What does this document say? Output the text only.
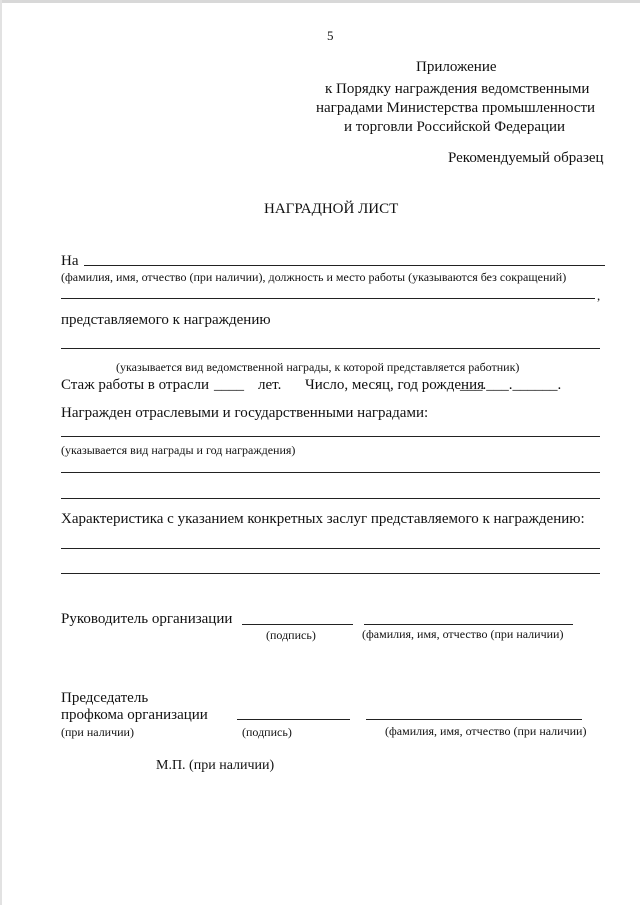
5
Приложение
к Порядку награждения ведомственными
наградами Министерства промышленности
и торговли Российской Федерации
Рекомендуемый образец
НАГРАДНОЙ ЛИСТ
На
(фамилия, имя, отчество (при наличии), должность и место работы (указываются без сокращений)
,
представляемого к награждению
(указывается вид ведомственной награды, к которой представляется работник)
Стаж работы в отрасли ____ лет. Число, месяц, год рождения
___.___.______.
Награжден отраслевыми и государственными наградами:
(указывается вид награды и год награждения)
Характеристика с указанием конкретных заслуг представляемого к награждению:
Руководитель организации
(подпись)	(фамилия, имя, отчество (при наличии)
Председатель
профкома организации
(при наличии)	(подпись)	(фамилия, имя, отчество (при наличии)
М.П. (при наличии)
